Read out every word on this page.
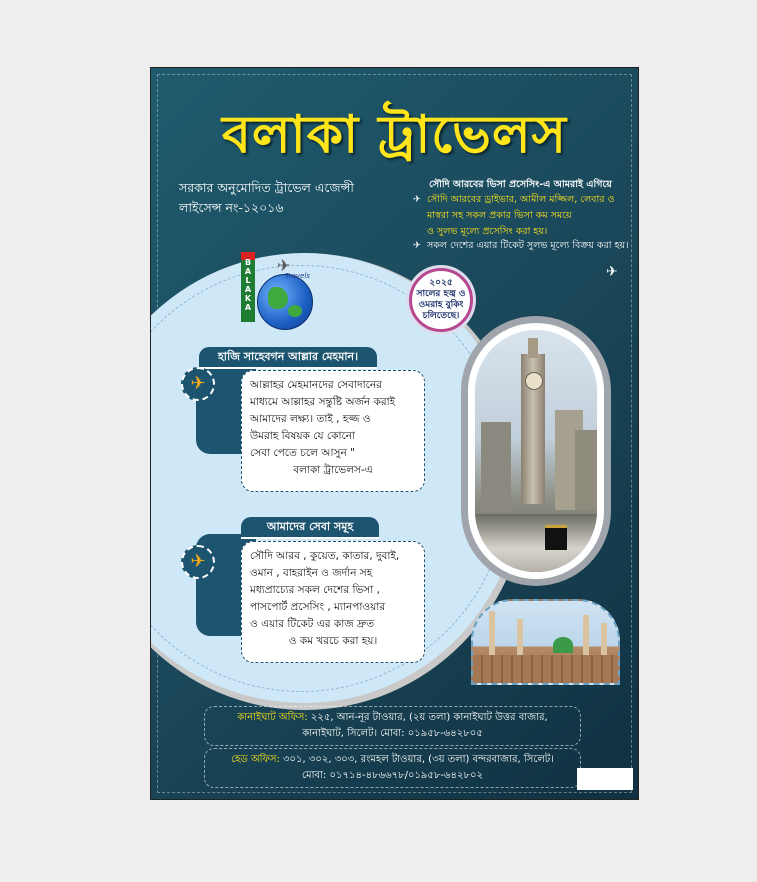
বলাকা ট্রাভেলস
সরকার অনুমোদিত ট্রাভেল এজেন্সী
লাইসেন্স নং-১২০১৬
সৌদি আরবের ভিসা প্রসেসিং-এ আমরাই এগিয়ে
✈ সৌদি আরবের ড্রাইভার, আমীল মজ্জিল, লেবার ও
মাস্বরা সহ সকল প্রকার ভিসা কম সময়ে
ও সুলভ মূল্যে প্রসেসিং করা হয়।
✈ সকল দেশের এয়ার টিকেট সুলভ মূল্যে বিক্রয় করা হয়।
✈
B
A
L
A
K
A
✈
Travels
২০২৫
সালের হজ্ব ও
ওমরাহ বুকিং
চলিতেছে।
হাজি সাহেবগন আল্লার মেহমান।
✈	আল্লাহর মেহমানদের সেবাদানের
মাধ্যমে আল্লাহর সন্তুষ্টি অর্জন করাই
আমাদের লক্ষ্য। তাই , হজ্জ ও
উমরাহ বিষয়ক যে কোনো
সেবা পেতে চলে আসুন "
বলাকা ট্রাভেলস-এ
আমাদের সেবা সমূহ
✈	সৌদি আরব , কুয়েত, কাতার, দুবাই,
ওমান , বাহরাইন ও জর্দান সহ
মধ্যপ্রাচ্যের সকল দেশের ভিসা ,
পাসপোর্ট প্রসেসিং , ম্যানপাওয়ার
ও এয়ার টিকেট এর কাজ দ্রুত
ও কম খরচে করা হয়।
কানাইঘাট অফিস: ২২৫, আন-নূর টাওয়ার, (২য় তলা) কানাইঘাট উত্তর বাজার,
কানাইঘাট, সিলেট। মোবা: ০১৯৫৮-৬৪২৮০৫
হেড অফিস: ৩০১, ৩০২, ৩০৩, রংমহল টাওয়ার, (৩য় তলা) বন্দরবাজার, সিলেট।
মোবা: ০১৭১৪-৪৮৬৬৭৮/০১৯৫৮-৬৪২৮০২
